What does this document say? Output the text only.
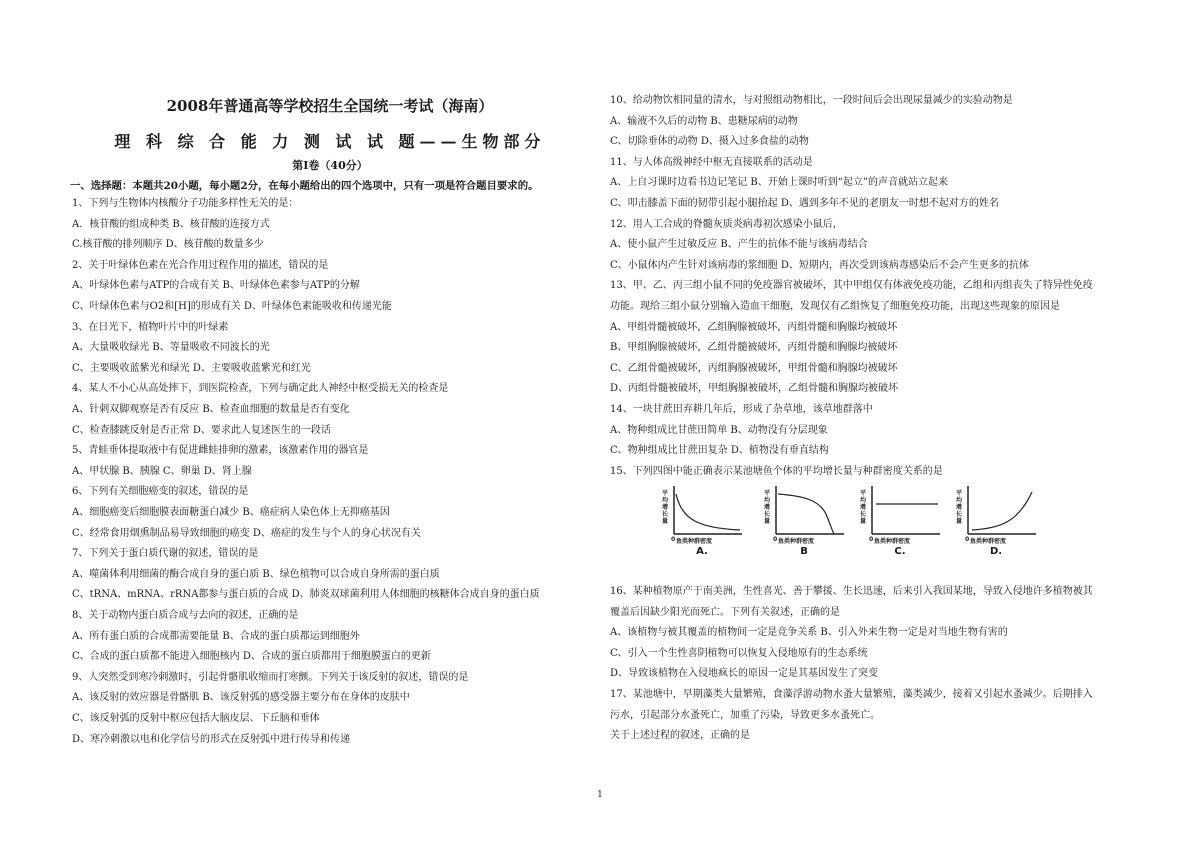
2008年普通高等学校招生全国统一考试（海南）
理 科 综 合 能 力 测 试 试 题——生物部分
第Ⅰ卷（40分）
一、选择题：本题共20小题，每小题2分，在每小题给出的四个选项中，只有一项是符合题目要求的。
1、下列与生物体内核酸分子功能多样性无关的是：
A．核苷酸的组成种类 B、核苷酸的连接方式
C.核苷酸的排列顺序 D、核苷酸的数量多少
2、关于叶绿体色素在光合作用过程作用的描述，错误的是
A、叶绿体色素与ATP的合成有关 B、叶绿体色素参与ATP的分解
C、叶绿体色素与O2和[H]的形成有关 D、叶绿体色素能吸收和传递光能
3、在日光下，植物叶片中的叶绿素
A、大量吸收绿光 B、等量吸收不同波长的光
C、主要吸收蓝紫光和绿光 D、主要吸收蓝紫光和红光
4、某人不小心从高处摔下，到医院检查，下列与确定此人神经中枢受损无关的检查是
A、针刺双脚观察是否有反应 B、检查血细胞的数量是否有变化
C、检查膝跳反射是否正常 D、要求此人复述医生的一段话
5、青蛙垂体提取液中有促进雌蛙排卵的激素，该激素作用的器官是
A、甲状腺 B、胰腺 C、卵巢 D、肾上腺
6、下列有关细胞癌变的叙述，错误的是
A、细胞癌变后细胞膜表面糖蛋白减少 B、癌症病人染色体上无抑癌基因
C、经常食用烟熏制品易导致细胞的癌变 D、癌症的发生与个人的身心状况有关
7、下列关于蛋白质代谢的叙述，错误的是
A、噬菌体利用细菌的酶合成自身的蛋白质 B、绿色植物可以合成自身所需的蛋白质
C、tRNA、mRNA、rRNA都参与蛋白质的合成 D、肺炎双球菌利用人体细胞的核糖体合成自身的蛋白质
8、关于动物内蛋白质合成与去向的叙述，正确的是
A、所有蛋白质的合成都需要能量 B、合成的蛋白质都运到细胞外
C、合成的蛋白质都不能进入细胞核内 D、合成的蛋白质都用于细胞膜蛋白的更新
9、人突然受到寒冷刺激时，引起骨骼肌收缩而打寒颤。下列关于该反射的叙述，错误的是
A、该反射的效应器是骨骼肌 B、该反射弧的感受器主要分布在身体的皮肤中
C、该反射弧的反射中枢应包括大脑皮层、下丘脑和垂体
D、寒冷刺激以电和化学信号的形式在反射弧中进行传导和传递
10、给动物饮相同量的清水，与对照组动物相比，一段时间后会出现尿量减少的实验动物是
A、输液不久后的动物 B、患糖尿病的动物
C、切除垂体的动物 D、摄入过多食盐的动物
11、与人体高级神经中枢无直接联系的活动是
A、上自习课时边看书边记笔记 B、开始上课时听到“起立”的声音就站立起来
C、叩击膝盖下面的韧带引起小腿抬起 D、遇到多年不见的老朋友一时想不起对方的姓名
12、用人工合成的脊髓灰质炎病毒初次感染小鼠后，
A、使小鼠产生过敏反应 B、产生的抗体不能与该病毒结合
C、小鼠体内产生针对该病毒的浆细胞 D、短期内，再次受到该病毒感染后不会产生更多的抗体
13、甲、乙、丙三组小鼠不同的免疫器官被破坏，其中甲组仅有体液免疫功能，乙组和丙组丧失了特异性免疫
功能。现给三组小鼠分别输入造血干细胞，发现仅有乙组恢复了细胞免疫功能，出现这些现象的原因是
A、甲组骨髓被破坏，乙组胸腺被破坏，丙组骨髓和胸腺均被破坏
B、甲组胸腺被破坏，乙组骨髓被破坏，丙组骨髓和胸腺均被破坏
C、乙组骨髓被破坏，丙组胸腺被破坏，甲组骨髓和胸腺均被破坏
D、丙组骨髓被破坏，甲组胸腺被破坏，乙组骨髓和胸腺均被破坏
14、一块甘蔗田弃耕几年后，形成了杂草地，该草地群落中
A、物种组成比甘蔗田简单 B、动物没有分层现象
C、物种组成比甘蔗田复杂 D、植物没有垂直结构
15、下列四图中能正确表示某池塘鱼个体的平均增长量与种群密度关系的是
16、某种植物原产于南美洲，生性喜光、善于攀援、生长迅速，后来引入我国某地，导致入侵地许多植物被其
覆盖后因缺少阳光而死亡。下列有关叙述，正确的是
A、该植物与被其覆盖的植物间一定是竞争关系 B、引入外来生物一定是对当地生物有害的
C、引入一个生性喜阴植物可以恢复入侵地原有的生态系统
D、导致该植物在入侵地疯长的原因一定是其基因发生了突变
17、某池塘中，早期藻类大量繁殖，食藻浮游动物水蚤大量繁殖，藻类减少，接着又引起水蚤减少。后期排入
污水，引起部分水蚤死亡，加重了污染，导致更多水蚤死亡。
关于上述过程的叙述，正确的是
平均增长量
0 鱼类种群密度
A.
平均增长量
0 鱼类种群密度
B
平均增长量
0 鱼类种群密度
C.
平均增长量
0 鱼类种群密度
D.
1
